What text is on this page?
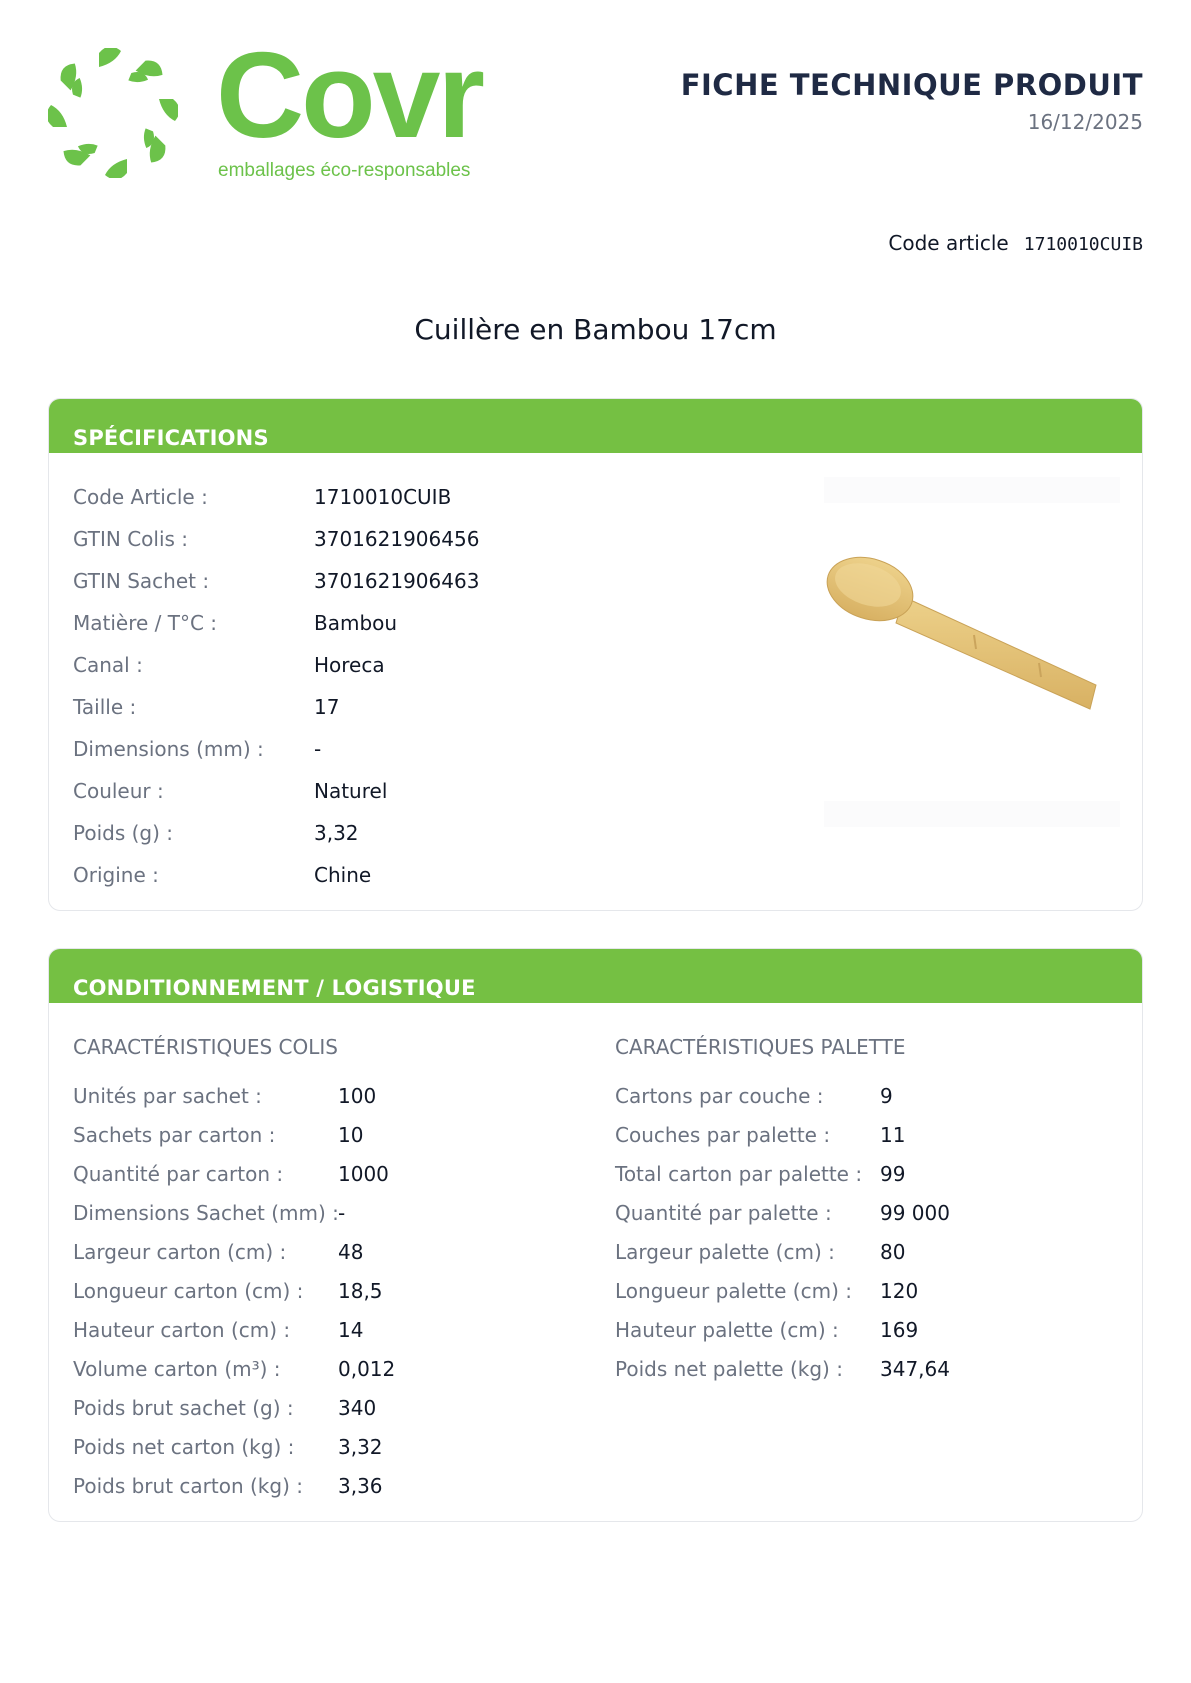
Covr
emballages éco-responsables
FICHE TECHNIQUE PRODUIT
16/12/2025
Code article 1710010CUIB
Cuillère en Bambou 17cm
SPÉCIFICATIONS
Code Article :	1710010CUIB
GTIN Colis :	3701621906456
GTIN Sachet :	3701621906463
Matière / T°C :	Bambou
Canal :	Horeca
Taille :	17
Dimensions (mm) :	-
Couleur :	Naturel
Poids (g) :	3,32
Origine :	Chine
CONDITIONNEMENT / LOGISTIQUE
CARACTÉRISTIQUES COLIS	CARACTÉRISTIQUES PALETTE
Unités par sachet :	100
Sachets par carton :	10
Quantité par carton :	1000
Dimensions Sachet (mm) : -
Largeur carton (cm) :	48
Longueur carton (cm) :	18,5
Hauteur carton (cm) :	14
Volume carton (m³) :	0,012
Poids brut sachet (g) :	340
Poids net carton (kg) :	3,32
Poids brut carton (kg) :	3,36
Cartons par couche :	9
Couches par palette :	11
Total carton par palette : 99
Quantité par palette :	99 000
Largeur palette (cm) :	80
Longueur palette (cm) :	120
Hauteur palette (cm) :	169
Poids net palette (kg) :	347,64
